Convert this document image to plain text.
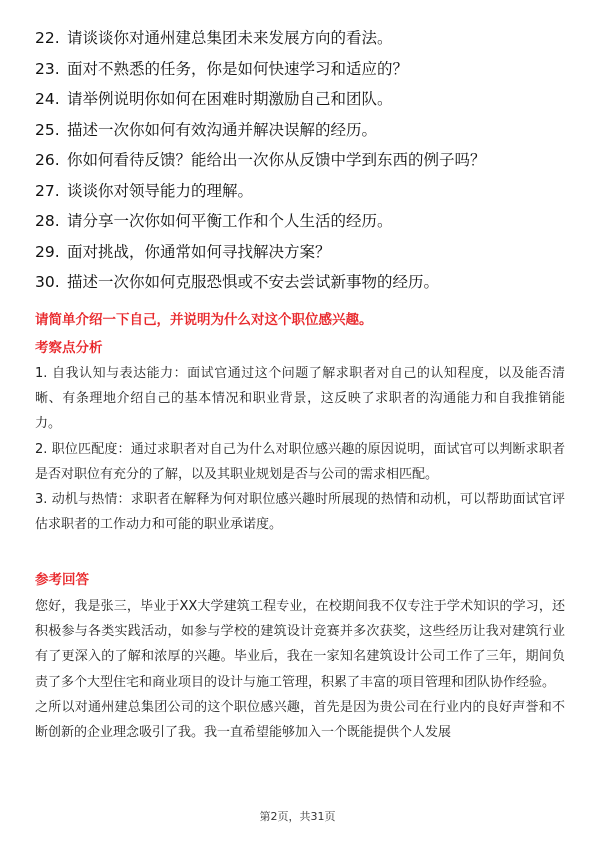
22. 请谈谈你对通州建总集团未来发展方向的看法。
23. 面对不熟悉的任务，你是如何快速学习和适应的？
24. 请举例说明你如何在困难时期激励自己和团队。
25. 描述一次你如何有效沟通并解决误解的经历。
26. 你如何看待反馈？能给出一次你从反馈中学到东西的例子吗？
27. 谈谈你对领导能力的理解。
28. 请分享一次你如何平衡工作和个人生活的经历。
29. 面对挑战，你通常如何寻找解决方案？
30. 描述一次你如何克服恐惧或不安去尝试新事物的经历。
请简单介绍一下自己，并说明为什么对这个职位感兴趣。
考察点分析

1. 自我认知与表达能力：面试官通过这个问题了解求职者对自己的认知程度，以及能否清晰、有条理地介绍自己的基本情况和职业背景，这反映了求职者的沟通能力和自我推销能力。

2. 职位匹配度：通过求职者对自己为什么对职位感兴趣的原因说明，面试官可以判断求职者是否对职位有充分的了解，以及其职业规划是否与公司的需求相匹配。

3. 动机与热情：求职者在解释为何对职位感兴趣时所展现的热情和动机，可以帮助面试官评估求职者的工作动力和可能的职业承诺度。

参考回答

您好，我是张三，毕业于XX大学建筑工程专业，在校期间我不仅专注于学术知识的学习，还积极参与各类实践活动，如参与学校的建筑设计竞赛并多次获奖，这些经历让我对建筑行业有了更深入的了解和浓厚的兴趣。毕业后，我在一家知名建筑设计公司工作了三年，期间负责了多个大型住宅和商业项目的设计与施工管理，积累了丰富的项目管理和团队协作经验。

之所以对通州建总集团公司的这个职位感兴趣，首先是因为贵公司在行业内的良好声誉和不断创新的企业理念吸引了我。我一直希望能够加入一个既能提供个人发展

第2页，共31页
